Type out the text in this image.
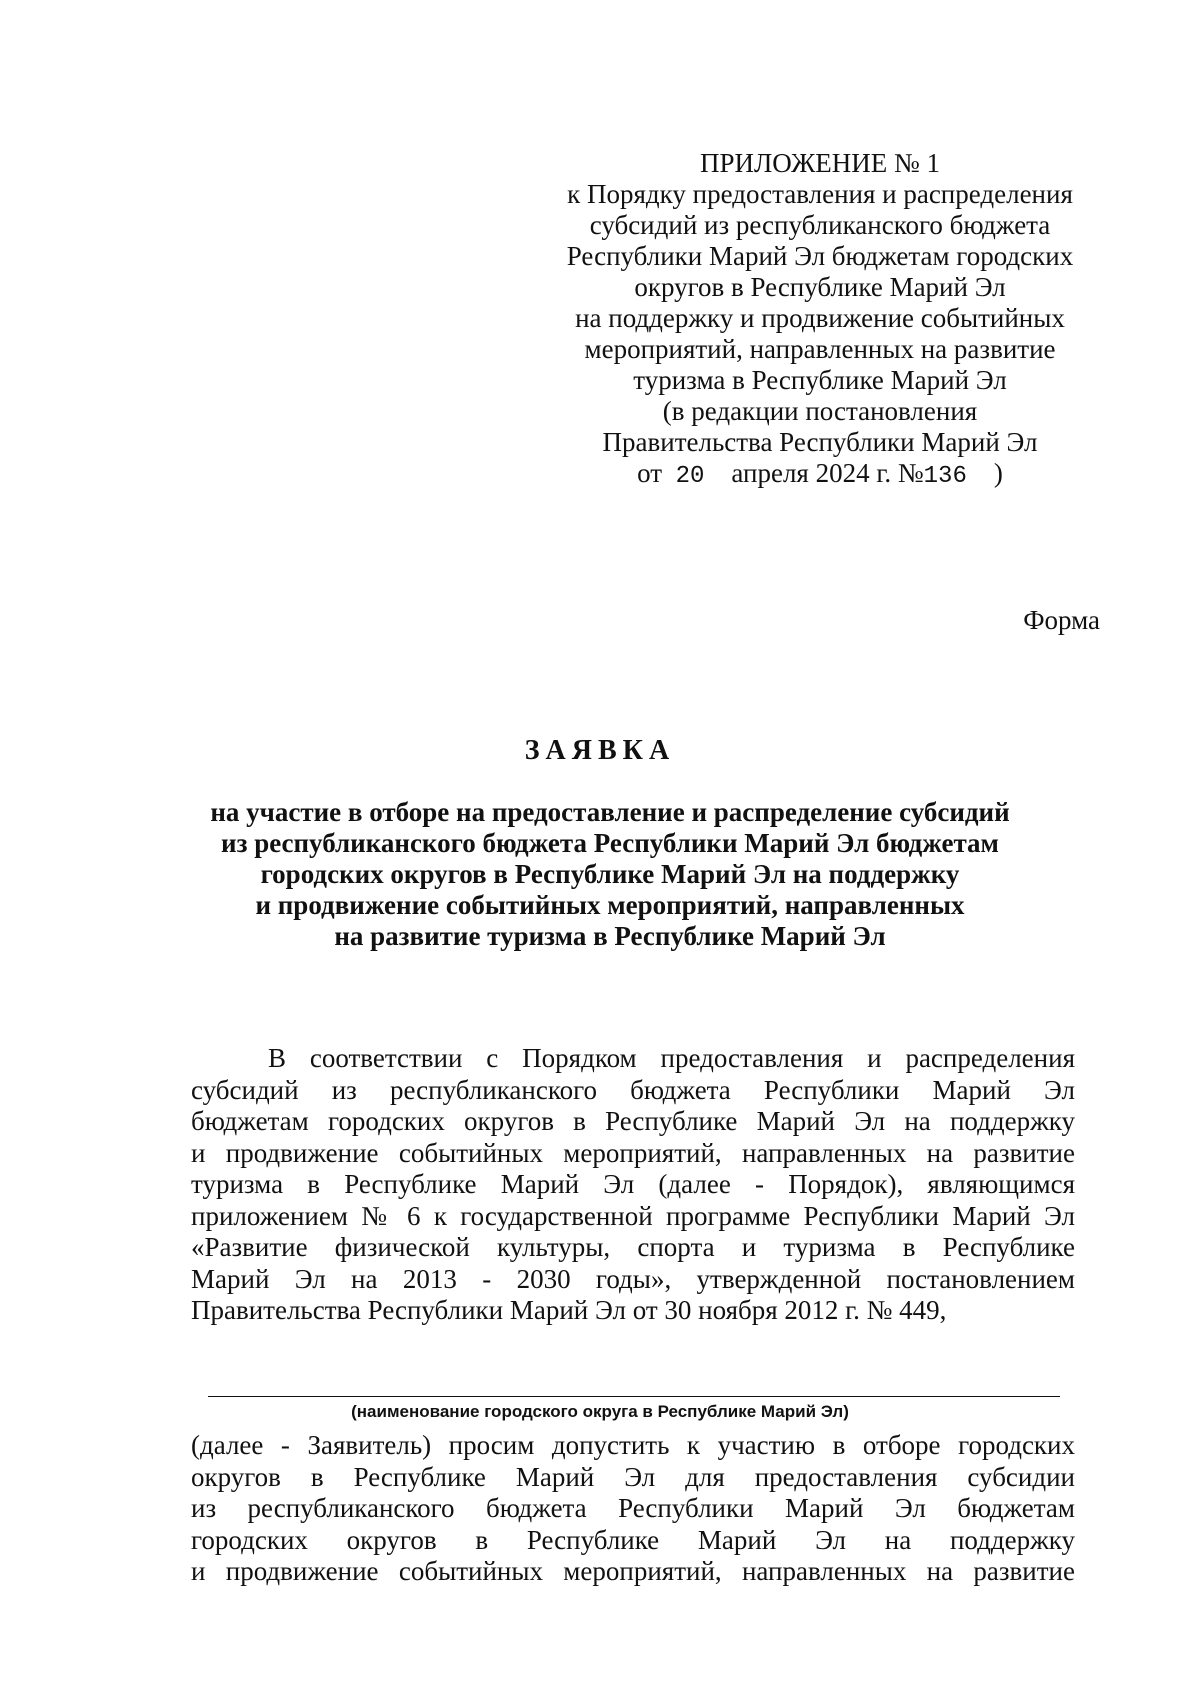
ПРИЛОЖЕНИЕ № 1
к Порядку предоставления и распределения
субсидий из республиканского бюджета
Республики Марий Эл бюджетам городских
округов в Республике Марий Эл
на поддержку и продвижение событийных
мероприятий, направленных на развитие
туризма в Республике Марий Эл
(в редакции постановления
Правительства Республики Марий Эл
от 20 апреля 2024 г. №136 )
Форма
ЗАЯВКА
на участие в отборе на предоставление и распределение субсидий
из республиканского бюджета Республики Марий Эл бюджетам
городских округов в Республике Марий Эл на поддержку
и продвижение событийных мероприятий, направленных
на развитие туризма в Республике Марий Эл
В соответствии с Порядком предоставления и распределения
субсидий из республиканского бюджета Республики Марий Эл
бюджетам городских округов в Республике Марий Эл на поддержку
и продвижение событийных мероприятий, направленных на развитие
туризма в Республике Марий Эл (далее - Порядок), являющимся
приложением № 6 к государственной программе Республики Марий Эл
«Развитие физической культуры, спорта и туризма в Республике
Марий Эл на 2013 - 2030 годы», утвержденной постановлением
Правительства Республики Марий Эл от 30 ноября 2012 г. № 449,
(наименование городского округа в Республике Марий Эл)
(далее - Заявитель) просим допустить к участию в отборе городских
округов в Республике Марий Эл для предоставления субсидии
из республиканского бюджета Республики Марий Эл бюджетам
городских округов в Республике Марий Эл на поддержку
и продвижение событийных мероприятий, направленных на развитие
